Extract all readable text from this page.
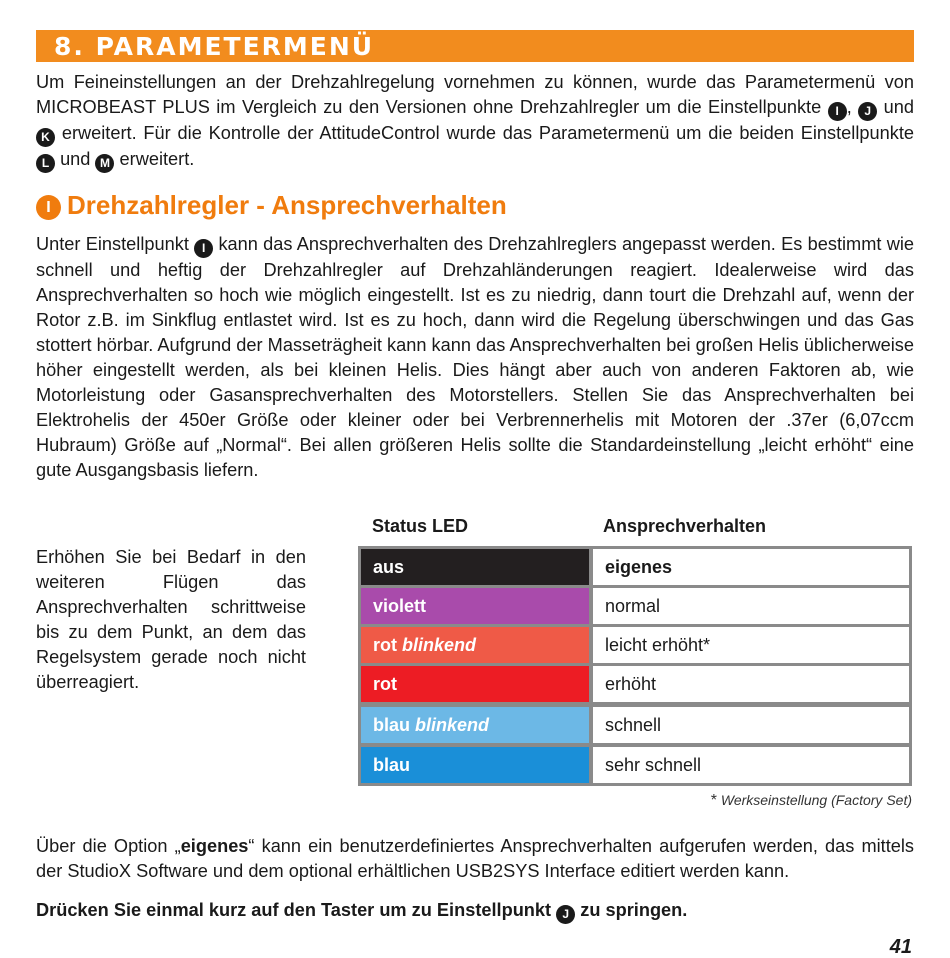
8. PARAMETERMENÜ

Um Feineinstellungen an der Drehzahlregelung vornehmen zu können, wurde das Parametermenü von MICROBEAST PLUS im Vergleich zu den Versionen ohne Drehzahlregler um die Einstellpunkte I , J und K erweitert. Für die Kontrolle der AttitudeControl wurde das Parametermenü um die beiden Einstellpunkte L und M erweitert.

I Drehzahlregler - Ansprechverhalten

Unter Einstellpunkt I kann das Ansprechverhalten des Drehzahlreglers angepasst werden. Es bestimmt wie schnell und heftig der Drehzahlregler auf Drehzahländerungen reagiert. Idealerweise wird das Ansprechverhalten so hoch wie möglich eingestellt. Ist es zu niedrig, dann tourt die Drehzahl auf, wenn der Rotor z.B. im Sinkflug entlastet wird. Ist es zu hoch, dann wird die Regelung überschwingen und das Gas stottert hörbar. Aufgrund der Masseträgheit kann kann das Ansprechverhalten bei großen Helis üblicherweise höher eingestellt werden, als bei kleinen Helis. Dies hängt aber auch von anderen Faktoren ab, wie Motorleistung oder Gasansprechverhalten des Motorstellers. Stellen Sie das Ansprechverhalten bei Elektrohelis der 450er Größe oder kleiner oder bei Verbrennerhelis mit Motoren der .37er (6,07ccm Hubraum) Größe auf „Normal“. Bei allen größeren Helis sollte die Standardeinstellung „leicht erhöht“ eine gute Ausgangsbasis liefern.

Erhöhen Sie bei Bedarf in den weiteren Flügen das Ansprechverhalten schrittweise bis zu dem Punkt, an dem das Regelsystem gerade noch nicht überreagiert.

Status LED	Ansprechverhalten
aus	eigenes
violett	normal
rot blinkend	leicht erhöht*
rot	erhöht
blau blinkend	schnell
blau	sehr schnell
* Werkseinstellung (Factory Set)

Über die Option „eigenes“ kann ein benutzerdefiniertes Ansprechverhalten aufgerufen werden, das mittels der StudioX Software und dem optional erhältlichen USB2SYS Interface editiert werden kann.

Drücken Sie einmal kurz auf den Taster um zu Einstellpunkt J zu springen.

41
